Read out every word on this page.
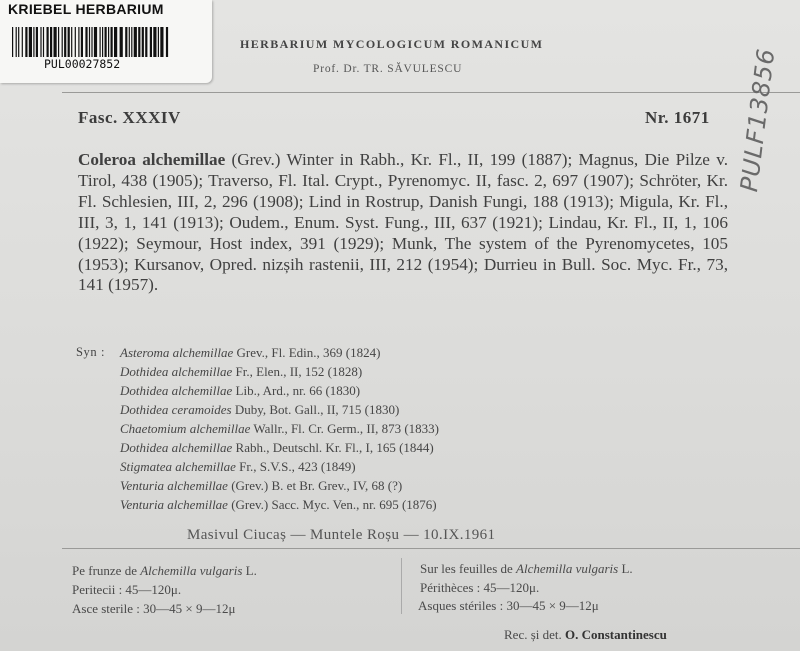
KRIEBEL HERBARIUM
PUL00027852
HERBARIUM MYCOLOGICUM ROMANICUM
Prof. Dr. TR. SĂVULESCU
Fasc. XXXIV	Nr. 1671 PULF13856
Coleroa alchemillae (Grev.) Winter in Rabh., Kr. Fl., II, 199 (1887); Magnus, Die Pilze v. Tirol, 438 (1905); Traverso, Fl. Ital. Crypt., Pyrenomyc. II, fasc. 2, 697 (1907); Schröter, Kr. Fl. Schlesien, III, 2, 296 (1908); Lind in Rostrup, Danish Fungi, 188 (1913); Migula, Kr. Fl., III, 3, 1, 141 (1913); Oudem., Enum. Syst. Fung., III, 637 (1921); Lindau, Kr. Fl., II, 1, 106 (1922); Seymour, Host index, 391 (1929); Munk, The system of the Pyrenomycetes, 105 (1953); Kursanov, Opred. nizșih rastenii, III, 212 (1954); Durrieu in Bull. Soc. Myc. Fr., 73, 141 (1957).
Syn : Asteroma alchemillae Grev., Fl. Edin., 369 (1824)
Dothidea alchemillae Fr., Elen., II, 152 (1828)
Dothidea alchemillae Lib., Ard., nr. 66 (1830)
Dothidea ceramoides Duby, Bot. Gall., II, 715 (1830)
Chaetomium alchemillae Wallr., Fl. Cr. Germ., II, 873 (1833)
Dothidea alchemillae Rabh., Deutschl. Kr. Fl., I, 165 (1844)
Stigmatea alchemillae Fr., S.V.S., 423 (1849)
Venturia alchemillae (Grev.) B. et Br. Grev., IV, 68 (?)
Venturia alchemillae (Grev.) Sacc. Myc. Ven., nr. 695 (1876)
Masivul Ciucaș — Muntele Roșu — 10.IX.1961
Pe frunze de Alchemilla vulgaris L.
Peritecii : 45—120μ.
Asce sterile : 30—45 × 9—12μ
Sur les feuilles de Alchemilla vulgaris L.
Périthèces : 45—120μ.
Asques stériles : 30—45 × 9—12μ
Rec. și det. O. Constantinescu
